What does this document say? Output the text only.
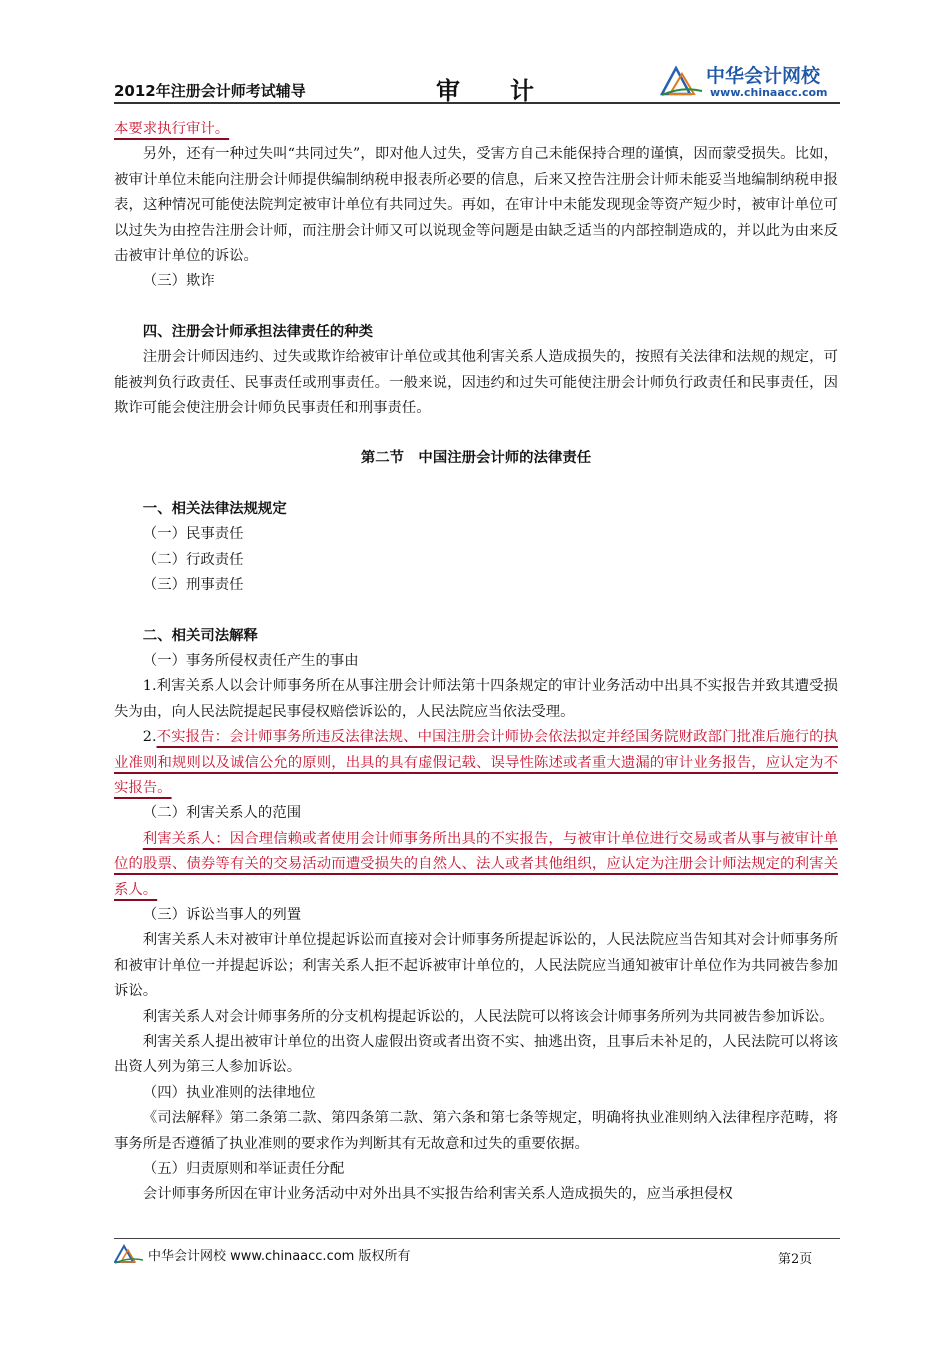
2012年注册会计师考试辅导	审计
中华会计网校
www.chinaacc.com

本要求执行审计。

另外，还有一种过失叫“共同过失”，即对他人过失，受害方自己未能保持合理的谨慎，因而蒙受损失。比如，被审计单位未能向注册会计师提供编制纳税申报表所必要的信息，后来又控告注册会计师未能妥当地编制纳税申报表，这种情况可能使法院判定被审计单位有共同过失。再如，在审计中未能发现现金等资产短少时，被审计单位可以过失为由控告注册会计师，而注册会计师又可以说现金等问题是由缺乏适当的内部控制造成的，并以此为由来反击被审计单位的诉讼。

（三）欺诈

四、注册会计师承担法律责任的种类

注册会计师因违约、过失或欺诈给被审计单位或其他利害关系人造成损失的，按照有关法律和法规的规定，可能被判负行政责任、民事责任或刑事责任。一般来说，因违约和过失可能使注册会计师负行政责任和民事责任，因欺诈可能会使注册会计师负民事责任和刑事责任。

第二节　中国注册会计师的法律责任

一、相关法律法规规定

（一）民事责任

（二）行政责任

（三）刑事责任

二、相关司法解释

（一）事务所侵权责任产生的事由

1.利害关系人以会计师事务所在从事注册会计师法第十四条规定的审计业务活动中出具不实报告并致其遭受损失为由，向人民法院提起民事侵权赔偿诉讼的，人民法院应当依法受理。

2.不实报告：会计师事务所违反法律法规、中国注册会计师协会依法拟定并经国务院财政部门批准后施行的执业准则和规则以及诚信公允的原则，出具的具有虚假记载、误导性陈述或者重大遗漏的审计业务报告，应认定为不实报告。

（二）利害关系人的范围

利害关系人：因合理信赖或者使用会计师事务所出具的不实报告，与被审计单位进行交易或者从事与被审计单位的股票、债券等有关的交易活动而遭受损失的自然人、法人或者其他组织，应认定为注册会计师法规定的利害关系人。

（三）诉讼当事人的列置

利害关系人未对被审计单位提起诉讼而直接对会计师事务所提起诉讼的，人民法院应当告知其对会计师事务所和被审计单位一并提起诉讼；利害关系人拒不起诉被审计单位的，人民法院应当通知被审计单位作为共同被告参加诉讼。

利害关系人对会计师事务所的分支机构提起诉讼的，人民法院可以将该会计师事务所列为共同被告参加诉讼。

利害关系人提出被审计单位的出资人虚假出资或者出资不实、抽逃出资，且事后未补足的，人民法院可以将该出资人列为第三人参加诉讼。

（四）执业准则的法律地位

《司法解释》第二条第二款、第四条第二款、第六条和第七条等规定，明确将执业准则纳入法律程序范畴，将事务所是否遵循了执业准则的要求作为判断其有无故意和过失的重要依据。

（五）归责原则和举证责任分配

会计师事务所因在审计业务活动中对外出具不实报告给利害关系人造成损失的，应当承担侵权

中华会计网校 www.chinaacc.com 版权所有	第2页
